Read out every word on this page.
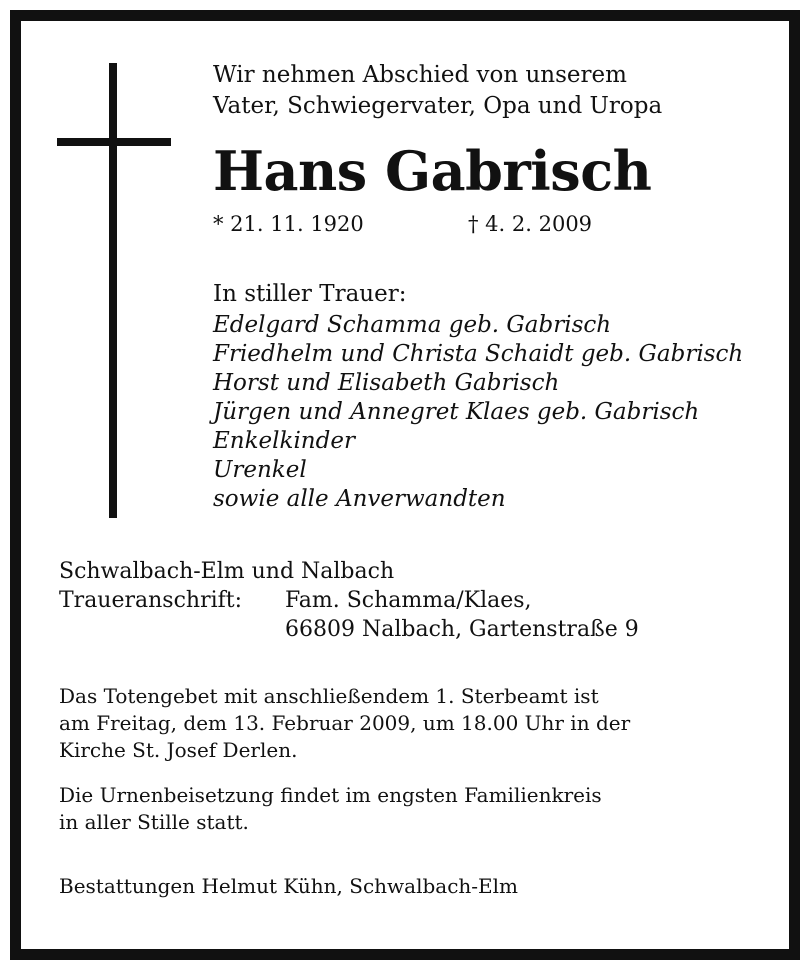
Wir nehmen Abschied von unserem
Vater, Schwiegervater, Opa und Uropa
Hans Gabrisch
* 21. 11. 1920	† 4. 2. 2009
In stiller Trauer:
Edelgard Schamma geb. Gabrisch
Friedhelm und Christa Schaidt geb. Gabrisch
Horst und Elisabeth Gabrisch
Jürgen und Annegret Klaes geb. Gabrisch
Enkelkinder
Urenkel
sowie alle Anverwandten
Schwalbach-Elm und Nalbach
Traueranschrift: Fam. Schamma/Klaes,
66809 Nalbach, Gartenstraße 9
Das Totengebet mit anschließendem 1. Sterbeamt ist
am Freitag, dem 13. Februar 2009, um 18.00 Uhr in der
Kirche St. Josef Derlen.
Die Urnenbeisetzung findet im engsten Familienkreis
in aller Stille statt.
Bestattungen Helmut Kühn, Schwalbach-Elm
